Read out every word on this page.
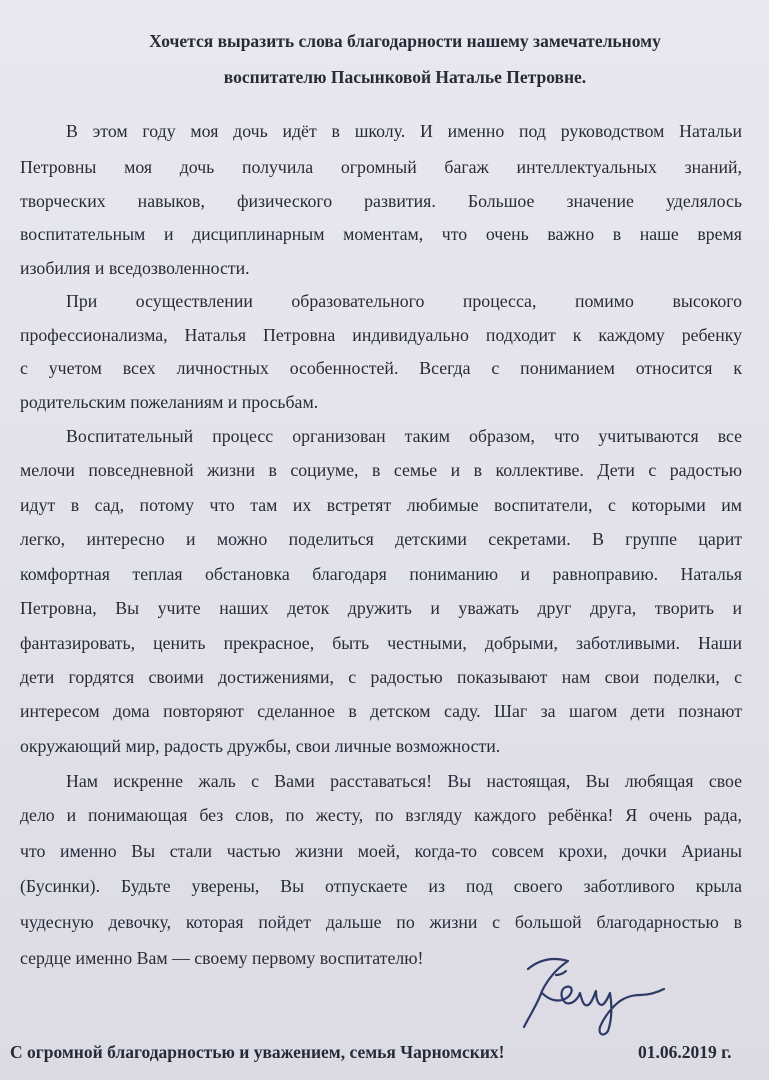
Хочется выразить слова благодарности нашему замечательному

воспитателю Пасынковой Наталье Петровне.

В этом году моя дочь идёт в школу. И именно под руководством Натальи

Петровны моя дочь получила огромный багаж интеллектуальных знаний,

творческих навыков, физического развития. Большое значение уделялось

воспитательным и дисциплинарным моментам, что очень важно в наше время

изобилия и вседозволенности.

При осуществлении образовательного процесса, помимо высокого

профессионализма, Наталья Петровна индивидуально подходит к каждому ребенку

с учетом всех личностных особенностей. Всегда с пониманием относится к

родительским пожеланиям и просьбам.

Воспитательный процесс организован таким образом, что учитываются все

мелочи повседневной жизни в социуме, в семье и в коллективе. Дети с радостью

идут в сад, потому что там их встретят любимые воспитатели, с которыми им

легко, интересно и можно поделиться детскими секретами. В группе царит

комфортная теплая обстановка благодаря пониманию и равноправию. Наталья

Петровна, Вы учите наших деток дружить и уважать друг друга, творить и

фантазировать, ценить прекрасное, быть честными, добрыми, заботливыми. Наши

дети гордятся своими достижениями, с радостью показывают нам свои поделки, с

интересом дома повторяют сделанное в детском саду. Шаг за шагом дети познают

окружающий мир, радость дружбы, свои личные возможности.

Нам искренне жаль с Вами расставаться! Вы настоящая, Вы любящая свое

дело и понимающая без слов, по жесту, по взгляду каждого ребёнка! Я очень рада,

что именно Вы стали частью жизни моей, когда-то совсем крохи, дочки Арианы

(Бусинки). Будьте уверены, Вы отпускаете из под своего заботливого крыла

чудесную девочку, которая пойдет дальше по жизни с большой благодарностью в

сердце именно Вам — своему первому воспитателю!

С огромной благодарностью и уважением, семья Чарномских!	01.06.2019 г.
